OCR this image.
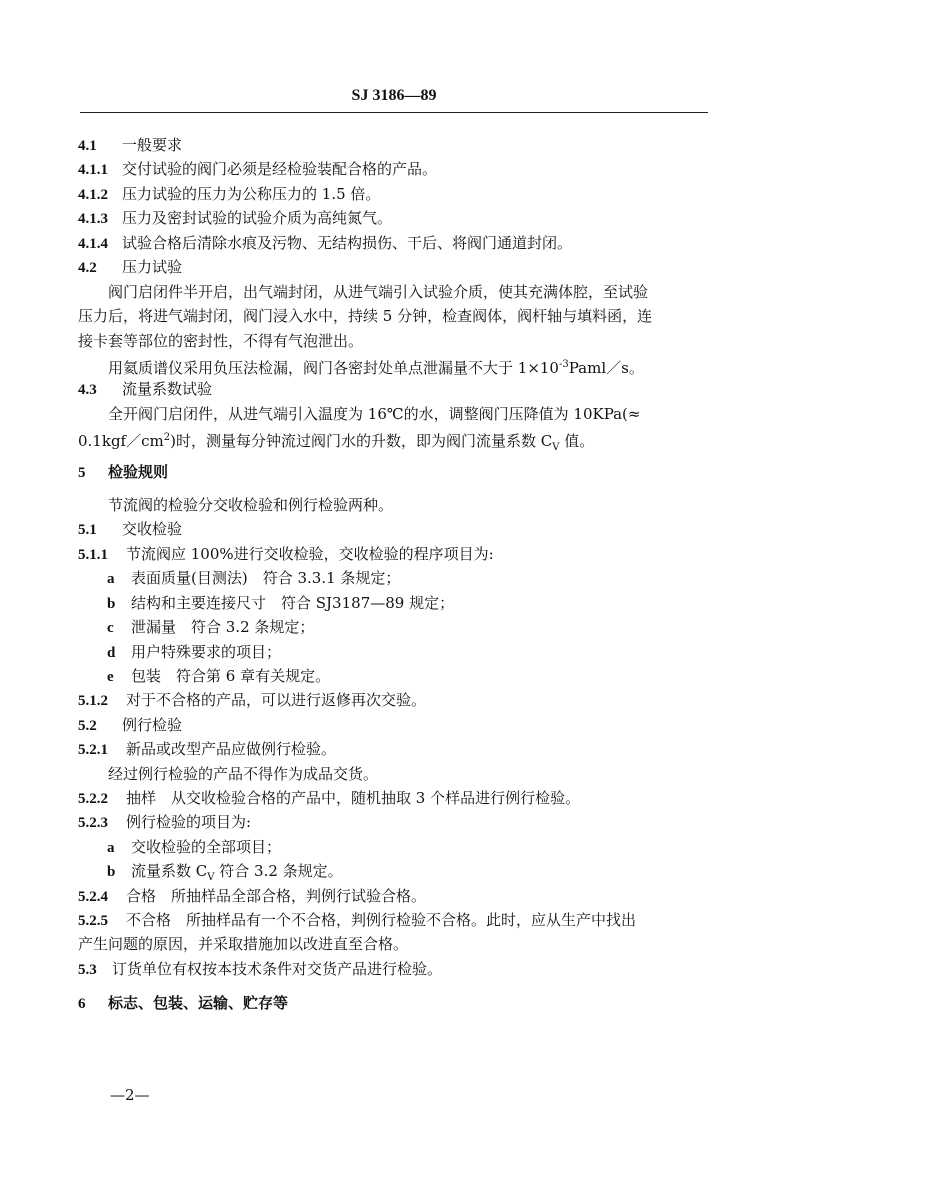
SJ 3186—89
4.1 一般要求
4.1.1 交付试验的阀门必须是经检验装配合格的产品。
4.1.2 压力试验的压力为公称压力的 1.5 倍。
4.1.3 压力及密封试验的试验介质为高纯氮气。
4.1.4 试验合格后清除水痕及污物、无结构损伤、干后、将阀门通道封闭。
4.2 压力试验
阀门启闭件半开启，出气端封闭，从进气端引入试验介质，使其充满体腔，至试验
压力后，将进气端封闭，阀门浸入水中，持续 5 分钟，检查阀体，阀杆轴与填料函，连
接卡套等部位的密封性，不得有气泡泄出。
用氦质谱仪采用负压法检漏，阀门各密封处单点泄漏量不大于 $1\times 10^{-3}Paml/s$。
4.3 流量系数试验
全开阀门启闭件，从进气端引入温度为 16℃的水，调整阀门压降值为 10KPa(≈
$0.1kgf/cm^2$)时，测量每分钟流过阀门水的升数，即为阀门流量系数 $C_V$ 值。
5 检验规则
节流阀的检验分交收检验和例行检验两种。
5.1 交收检验
5.1.1 节流阀应 100%进行交收检验，交收检验的程序项目为:
a 表面质量(目测法)　符合 3.3.1 条规定；
b 结构和主要连接尺寸　符合 SJ3187—89 规定；
c 泄漏量　符合 3.2 条规定；
d 用户特殊要求的项目；
e 包装　符合第 6 章有关规定。
5.1.2 对于不合格的产品，可以进行返修再次交验。
5.2 例行检验
5.2.1 新品或改型产品应做例行检验。
经过例行检验的产品不得作为成品交货。
5.2.2 抽样　从交收检验合格的产品中，随机抽取 3 个样品进行例行检验。
5.2.3 例行检验的项目为:
a 交收检验的全部项目；
b 流量系数 $C_V$ 符合 3.2 条规定。
5.2.4 合格　所抽样品全部合格，判例行试验合格。
5.2.5 不合格　所抽样品有一个不合格，判例行检验不合格。此时，应从生产中找出
产生问题的原因，并采取措施加以改进直至合格。
5.3 订货单位有权按本技术条件对交货产品进行检验。
6 标志、包装、运输、贮存等
—2—
